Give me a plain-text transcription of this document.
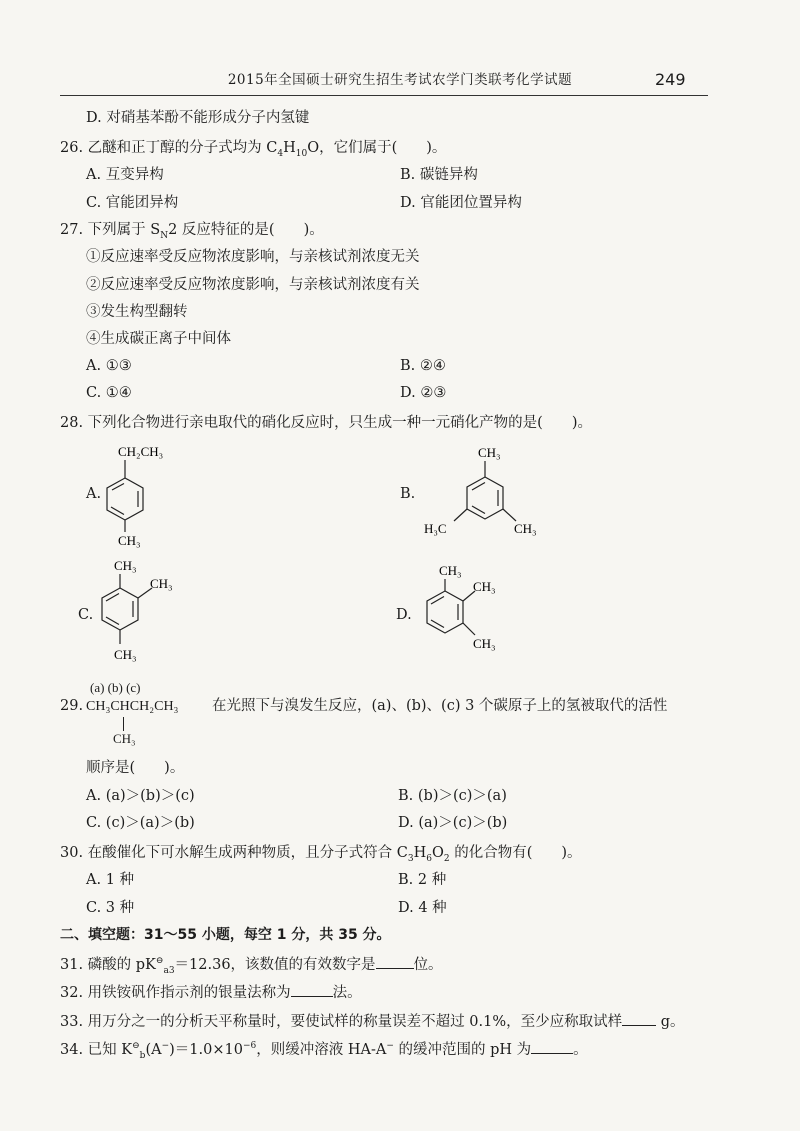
2015年全国硕士研究生招生考试农学门类联考化学试题	249
D. 对硝基苯酚不能形成分子内氢键
26. 乙醚和正丁醇的分子式均为 $C_4H_{10}O$，它们属于(　　)。
A. 互变异构	B. 碳链异构
C. 官能团异构	D. 官能团位置异构
27. 下列属于 $S_N2$ 反应特征的是(　　)。
①反应速率受反应物浓度影响，与亲核试剂浓度无关
②反应速率受反应物浓度影响，与亲核试剂浓度有关
③发生构型翻转
④生成碳正离子中间体
A. ①③	B. ②④
C. ①④	D. ②③
28. 下列化合物进行亲电取代的硝化反应时，只生成一种一元硝化产物的是(　　)。
A.
CH₂CH₃
CH₃
B.
CH₃
H₃C	CH₃
C.
CH₃
CH₃
CH₃
D.
CH₃
CH₃
CH₃
(a) (b) (c)
29. CH₃CHCH₂CH₃
CH₃
在光照下与溴发生反应，(a)、(b)、(c) 3 个碳原子上的氢被取代的活性
顺序是(　　)。
A. (a)＞(b)＞(c)	B. (b)＞(c)＞(a)
C. (c)＞(a)＞(b)	D. (a)＞(c)＞(b)
30. 在酸催化下可水解生成两种物质，且分子式符合 $C_3H_6O_2$ 的化合物有(　　)。
A. 1 种	B. 2 种
C. 3 种	D. 4 种
二、填空题：31～55 小题，每空 1 分，共 35 分。
31. 磷酸的 $pK^⊖_{a3}=12.36$，该数值的有效数字是	位。
32. 用铁铵矾作指示剂的银量法称为	法。
33. 用万分之一的分析天平称量时，要使试样的称量误差不超过 0.1%，至少应称取试样 g。
34. 已知 $K^⊖_b(A^-)=1.0\times 10^{-6}$，则缓冲溶液 HA-A− 的缓冲范围的 pH 为	。
